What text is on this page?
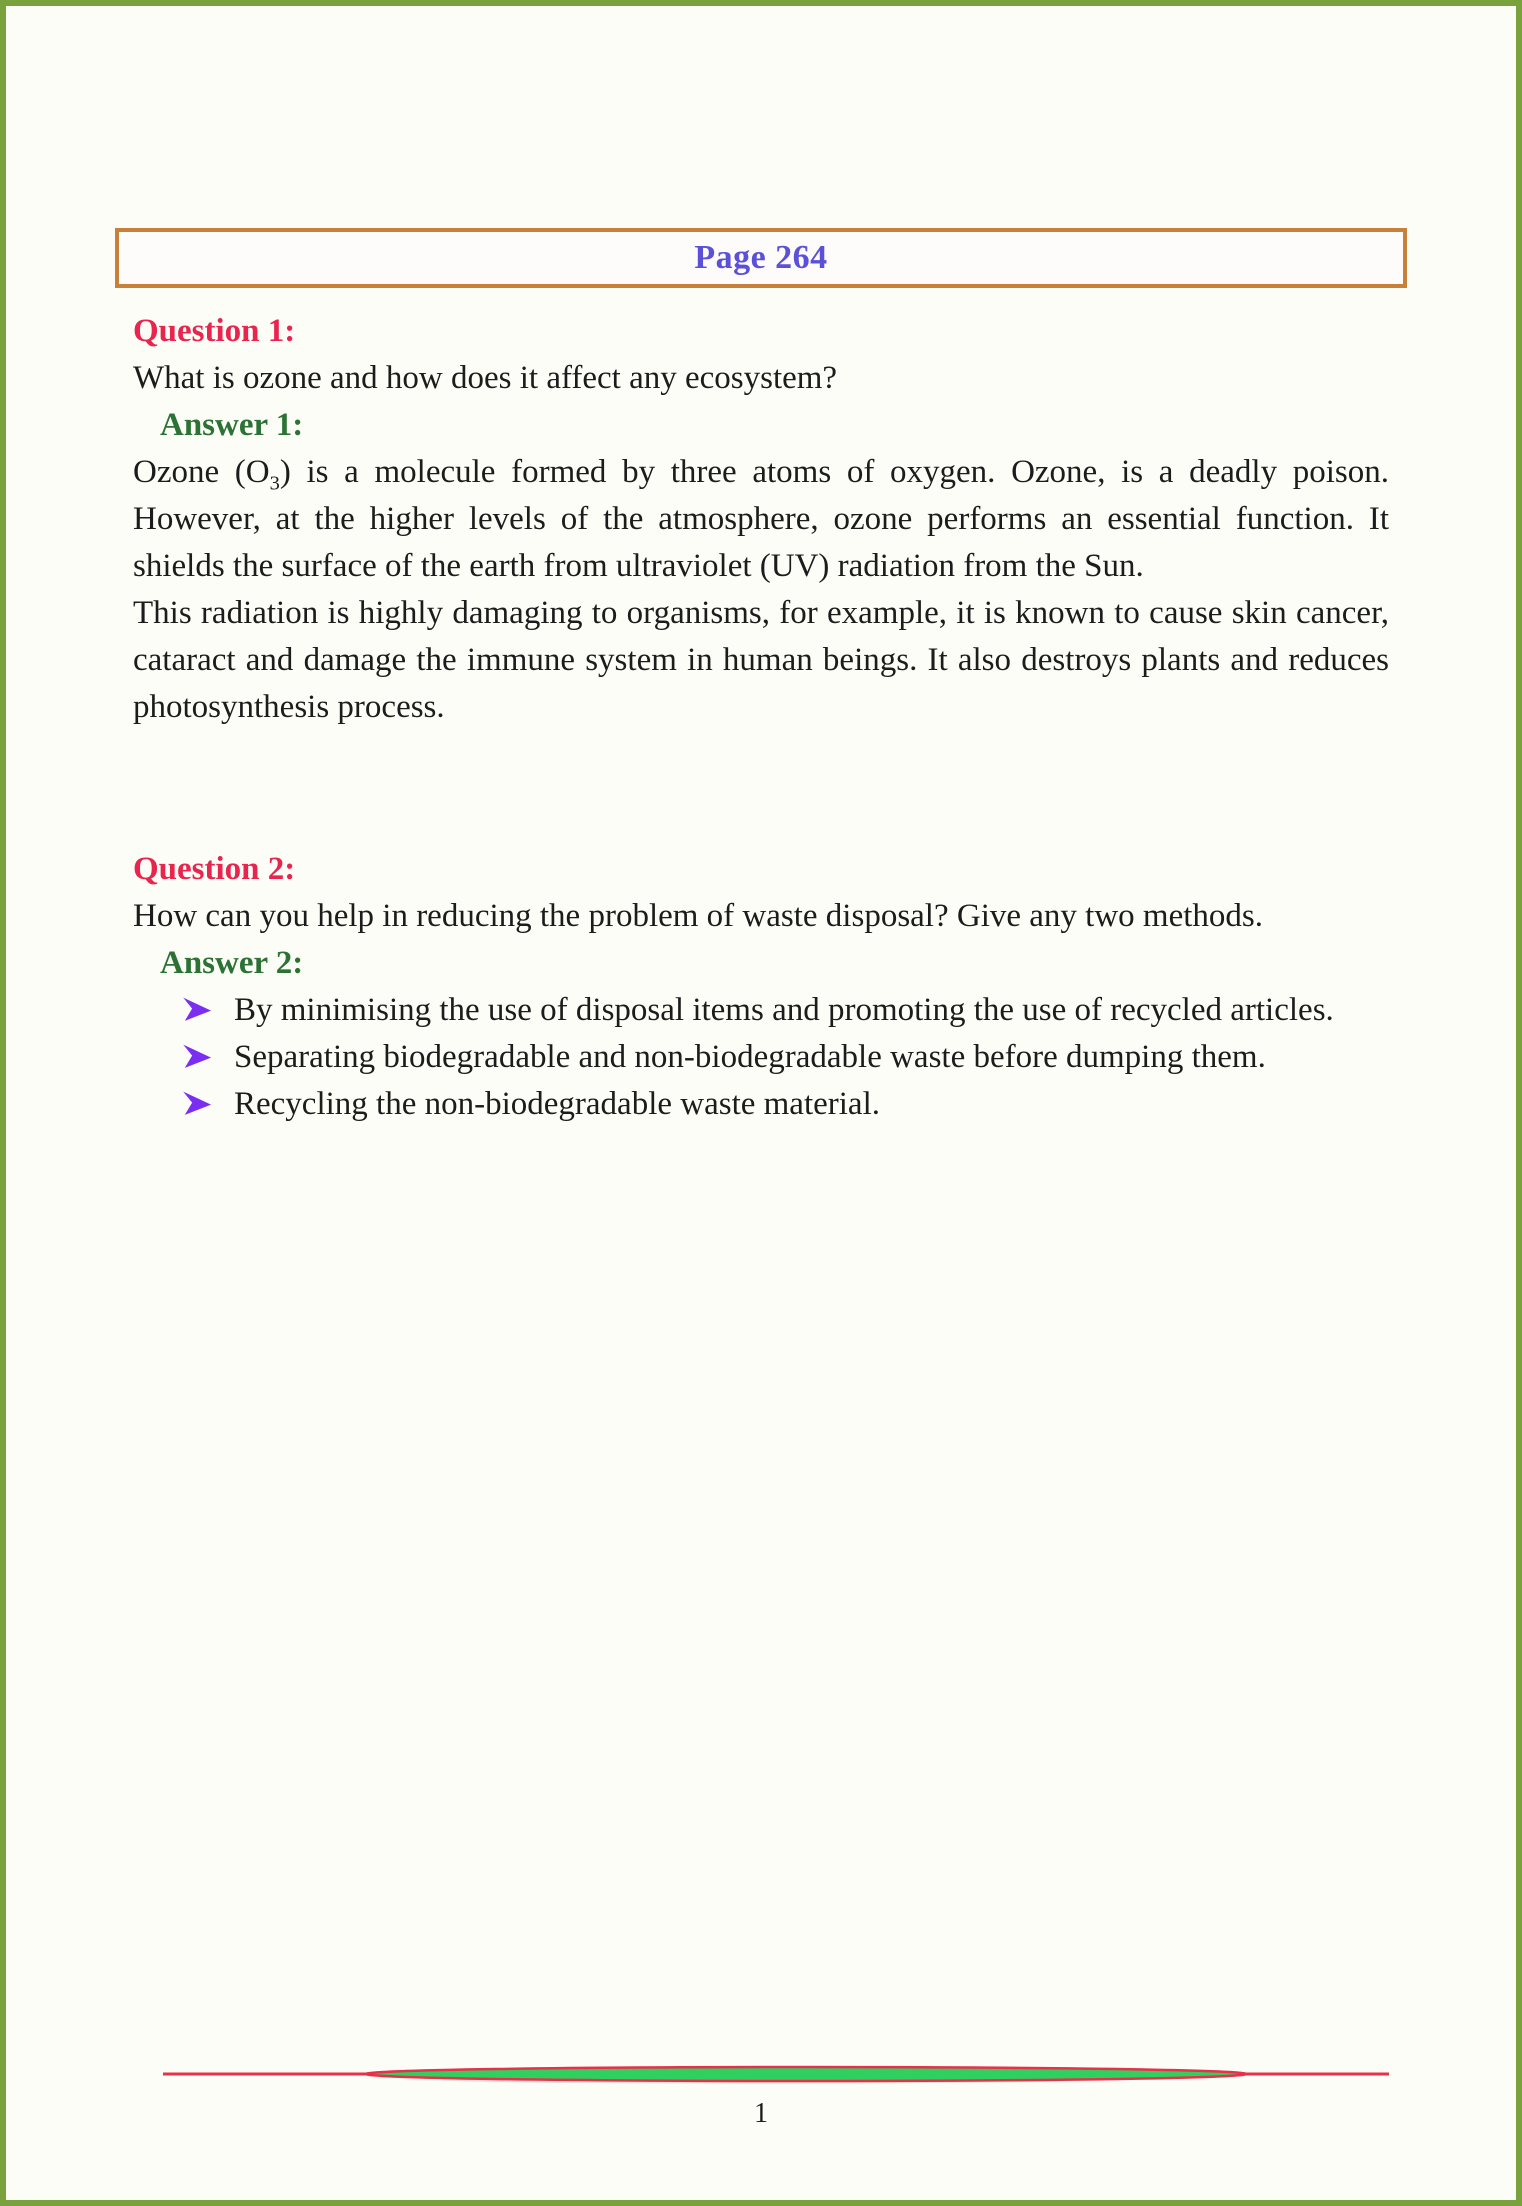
Page 264
Question 1:
What is ozone and how does it affect any ecosystem?
Answer 1:
Ozone $(O_3)$ is a molecule formed by three atoms of oxygen. Ozone, is a deadly poison. However, at the higher levels of the atmosphere, ozone performs an essential function. It shields the surface of the earth from ultraviolet (UV) radiation from the Sun.
This radiation is highly damaging to organisms, for example, it is known to cause skin cancer, cataract and damage the immune system in human beings. It also destroys plants and reduces photosynthesis process.
Question 2:
How can you help in reducing the problem of waste disposal? Give any two methods.
Answer 2:
By minimising the use of disposal items and promoting the use of recycled articles.
Separating biodegradable and non-biodegradable waste before dumping them.
Recycling the non-biodegradable waste material.
1
